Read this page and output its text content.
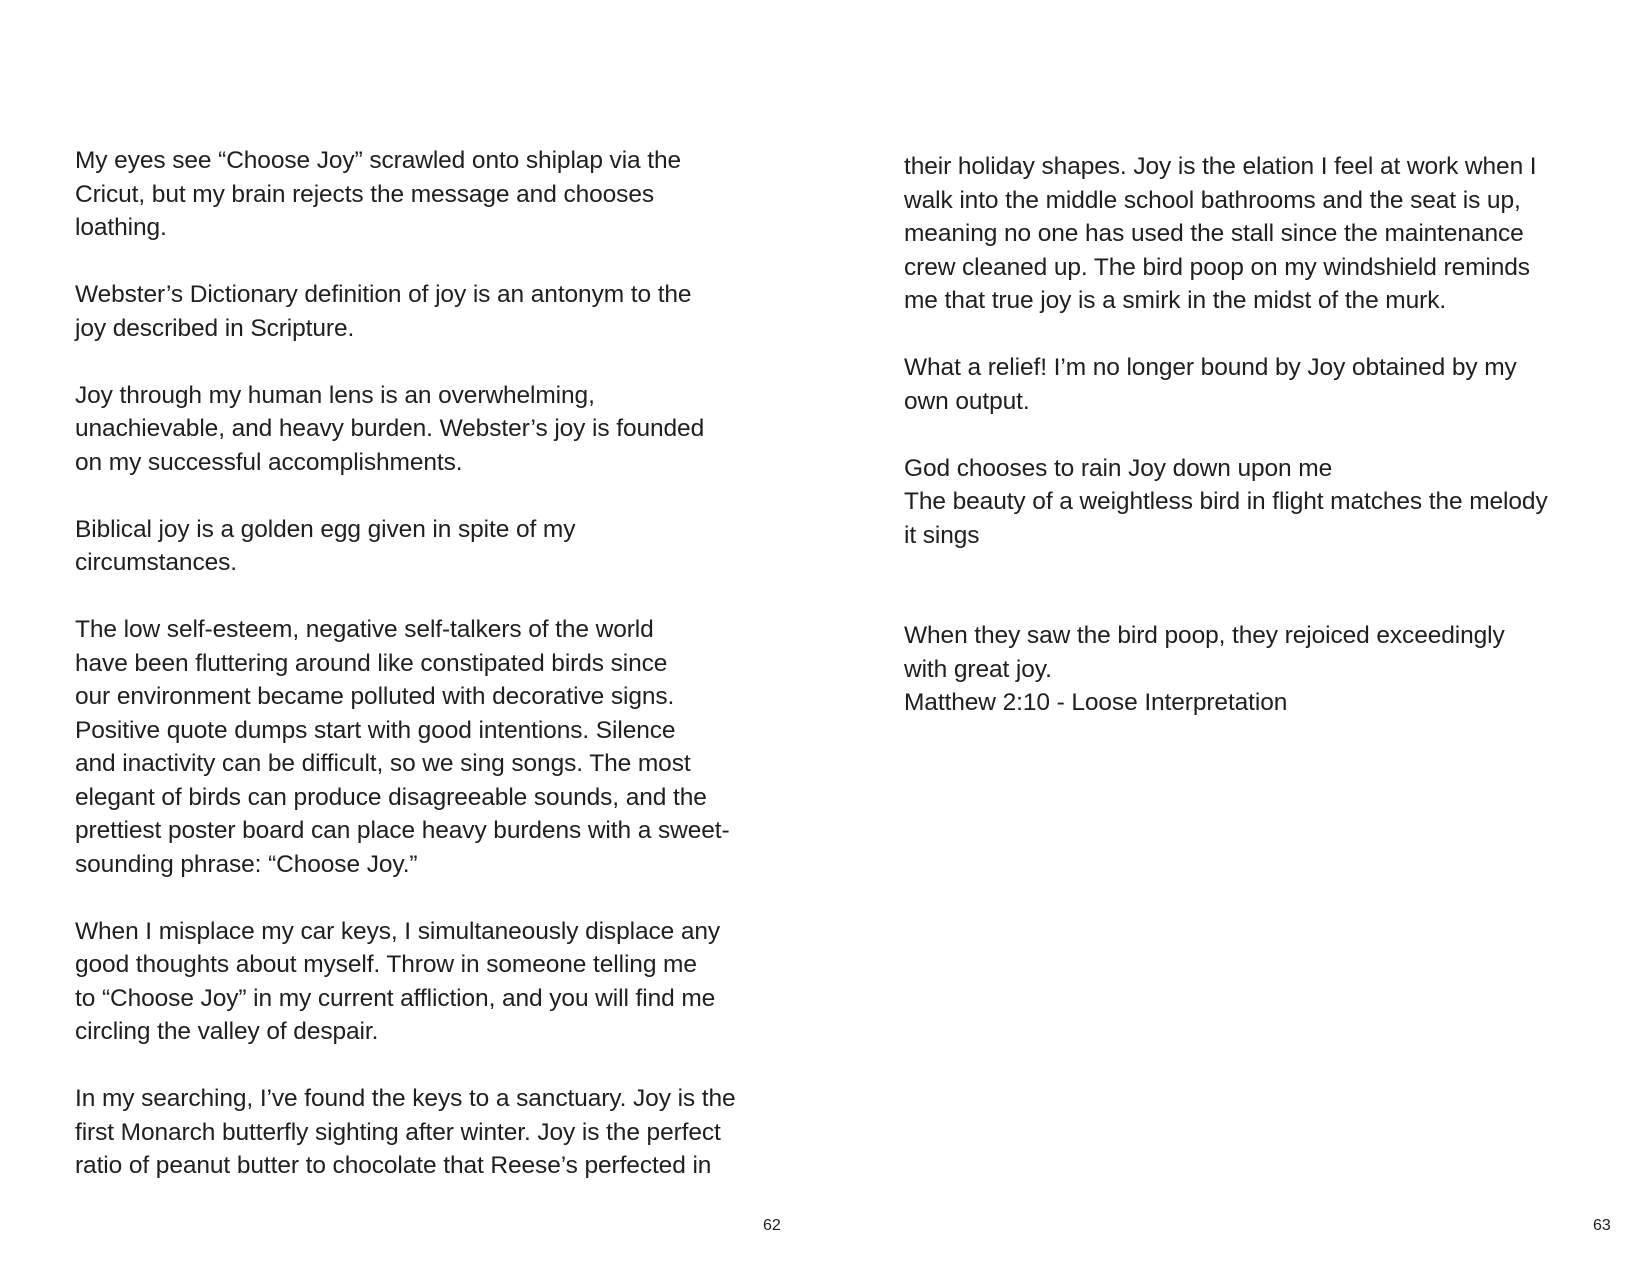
My eyes see “Choose Joy” scrawled onto shiplap via the
Cricut, but my brain rejects the message and chooses
loathing.

Webster’s Dictionary definition of joy is an antonym to the
joy described in Scripture.

Joy through my human lens is an overwhelming,
unachievable, and heavy burden. Webster’s joy is founded
on my successful accomplishments.

Biblical joy is a golden egg given in spite of my
circumstances.

The low self-esteem, negative self-talkers of the world
have been fluttering around like constipated birds since
our environment became polluted with decorative signs.
Positive quote dumps start with good intentions. Silence
and inactivity can be difficult, so we sing songs. The most
elegant of birds can produce disagreeable sounds, and the
prettiest poster board can place heavy burdens with a sweet-
sounding phrase: “Choose Joy.”

When I misplace my car keys, I simultaneously displace any
good thoughts about myself. Throw in someone telling me
to “Choose Joy” in my current affliction, and you will find me
circling the valley of despair.

In my searching, I’ve found the keys to a sanctuary. Joy is the
first Monarch butterfly sighting after winter. Joy is the perfect
ratio of peanut butter to chocolate that Reese’s perfected in

62

their holiday shapes. Joy is the elation I feel at work when I
walk into the middle school bathrooms and the seat is up,
meaning no one has used the stall since the maintenance
crew cleaned up. The bird poop on my windshield reminds
me that true joy is a smirk in the midst of the murk.

What a relief! I’m no longer bound by Joy obtained by my
own output.

God chooses to rain Joy down upon me
The beauty of a weightless bird in flight matches the melody
it sings

When they saw the bird poop, they rejoiced exceedingly
with great joy.
Matthew 2:10 - Loose Interpretation

63
